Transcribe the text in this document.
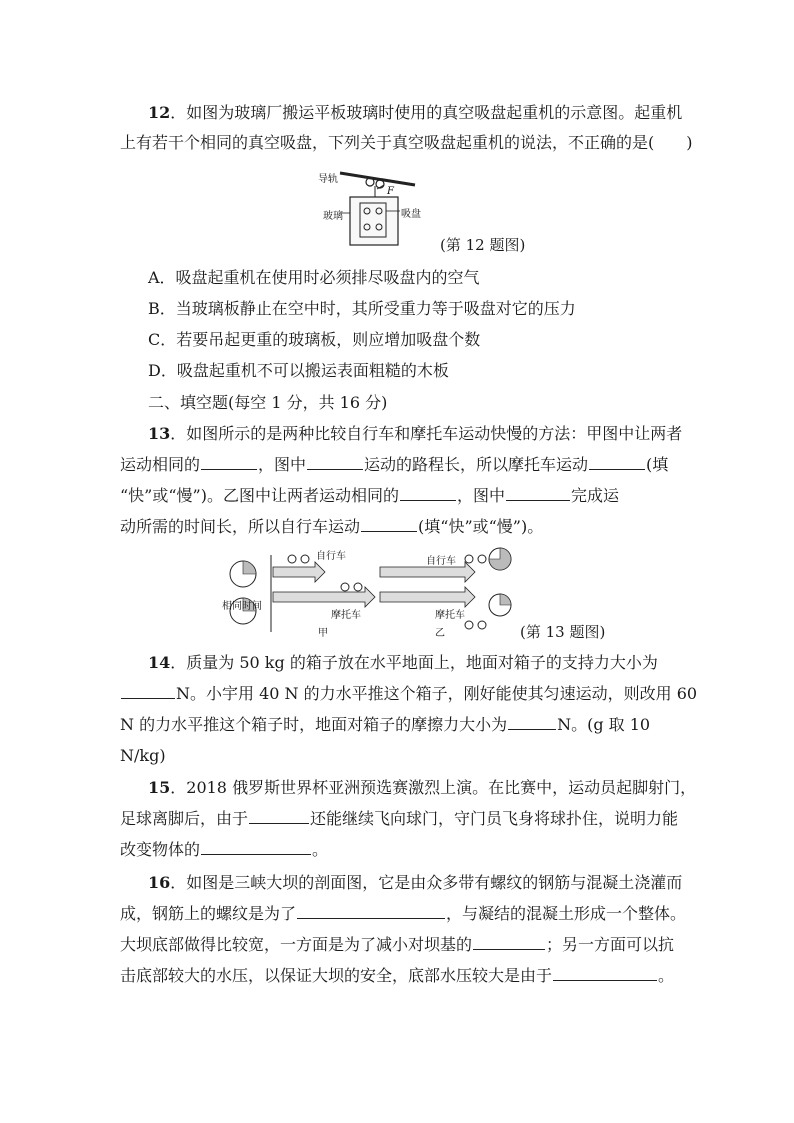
12．如图为玻璃厂搬运平板玻璃时使用的真空吸盘起重机的示意图。起重机
上有若干个相同的真空吸盘，下列关于真空吸盘起重机的说法，不正确的是(　　)
导轨
F
玻璃	吸盘
(第 12 题图)
A．吸盘起重机在使用时必须排尽吸盘内的空气
B．当玻璃板静止在空中时，其所受重力等于吸盘对它的压力
C．若要吊起更重的玻璃板，则应增加吸盘个数
D．吸盘起重机不可以搬运表面粗糙的木板
二、填空题(每空 1 分，共 16 分)
13．如图所示的是两种比较自行车和摩托车运动快慢的方法：甲图中让两者
运动相同的	，图中	运动的路程长，所以摩托车运动	(填
“快”或“慢”)。乙图中让两者运动相同的	，图中	完成运
动所需的时间长，所以自行车运动	(填“快”或“慢”)。
自行车
摩托车
相同时间
自行车
摩托车
甲	乙	(第 13 题图)
14．质量为 50 kg 的箱子放在水平地面上，地面对箱子的支持力大小为
N。小宇用 40 N 的力水平推这个箱子，刚好能使其匀速运动，则改用 60
N 的力水平推这个箱子时，地面对箱子的摩擦力大小为	N。(g 取 10
N/kg)
15．2018 俄罗斯世界杯亚洲预选赛激烈上演。在比赛中，运动员起脚射门，
足球离脚后，由于	还能继续飞向球门，守门员飞身将球扑住，说明力能
改变物体的	。
16．如图是三峡大坝的剖面图，它是由众多带有螺纹的钢筋与混凝土浇灌而
成，钢筋上的螺纹是为了	，与凝结的混凝土形成一个整体。
大坝底部做得比较宽，一方面是为了减小对坝基的	；另一方面可以抗
击底部较大的水压，以保证大坝的安全，底部水压较大是由于	。
